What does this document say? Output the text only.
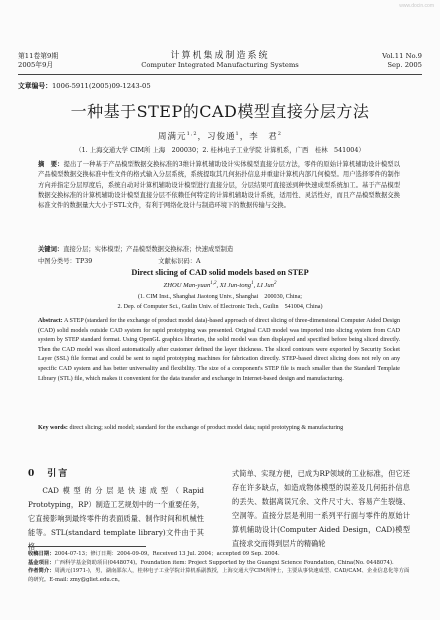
www.docin.com
第11卷第9期
2005年9月
计算机集成制造系统
Computer Integrated Manufacturing Systems
Vol.11 No.9
Sep. 2005
文章编号：1006-5911(2005)09-1243-05
一种基于STEP的CAD模型直接分层方法
周满元$^{1,2}$，习俊通$^1$，李　君$^2$
（1. 上海交通大学 CIM所 上海　200030；2. 桂林电子工业学院 计算机系，广西　桂林　541004）
摘　要：提出了一种基于产品模型数据交换标准的3维计算机辅助设计实体模型直接分层方法，零件的原始计算机辅助设计模型以产品模型数据交换标准中性文件的格式输入分层系统，系统提取其几何拓扑信息并重建计算机内部几何模型。用户选择零件的制作方向并指定分层厚度后，系统自动对计算机辅助设计模型进行直接分层，分层结果可直接送到种快速成型系统加工。基于产品模型数据交换标准的计算机辅助设计模型直接分层不依赖任何特定的计算机辅助设计系统，适用性、灵活性好，而且产品模型数据交换标准文件的数据量大大小于STL文件，有利于网络化设计与制造环境下的数据传输与交换。
关键词：直接分层；实体模型；产品模型数据交换标准；快速成型制造
中图分类号：TP39	文献标识码：A
Direct slicing of CAD solid models based on STEP
ZHOU Man-yuan$^{1,2}$, XI Jun-tong$^1$, LI Jun$^2$
(1. CIM Inst., Shanghai Jiaotong Univ., Shanghai　200030, China;
2. Dep. of Computer Sci., Guilin Univ. of Electronic Tech., Guilin　541004, China)
Abstract: A STEP (standard for the exchange of product model data)-based approach of direct slicing of three-dimensional Computer Aided Design (CAD) solid models outside CAD system for rapid prototyping was presented. Original CAD model was imported into slicing system from CAD system by STEP standard format. Using OpenGL graphics libraries, the solid model was then displayed and specified before being sliced directly. Then the CAD model was sliced automatically after customer defined the layer thickness. The sliced contours were exported by Security Socket Layer (SSL) file format and could be sent to rapid prototyping machines for fabrication directly. STEP-based direct slicing does not rely on any specific CAD system and has better universality and flexibility. The size of a component's STEP file is much smaller than the Standard Template Library (STL) file, which makes it convenient for the data transfer and exchange in Internet-based design and manufacturing.
Key words: direct slicing; solid model; standard for the exchange of product model data; rapid prototyping & manufacturing
0　 引言
CAD模型的分层是快速成型（Rapid Prototyping，RP）制造工艺规划中的一个重要任务，它直接影响到最终零件的表面质量、制作时间和机械性能等。STL(standard template library)文件由于其格
式简单、实现方便，已成为RP领域的工业标准，但它还存在许多缺点，如造成物体模型的误差及几何拓扑信息的丢失、数据离误冗余、文件尺寸大、容易产生裂缝、空洞等。直接分层是利用一系列平行面与零件的原始计算机辅助设计(Computer Aided Design，CAD)模型直接求交而得到层片的精确轮
收稿日期：2004-07-13；修订日期：2004-09-09。Received 13 Jul. 2004；accepted 09 Sep. 2004.
基金项目：广西科学基金资助项目(0448074)。Foundation item: Project Supported by the Guangxi Science Foundation, China(No. 0448074).
作者简介：周满元(1971-)，男，湖南邵东人，桂林电子工业学院计算机系副教授，上海交通大学CIM所博士，主要从事快速成型、CAD/CAM、企业信息化等方面的研究。E-mail: zmy@gliet.edu.cn。
